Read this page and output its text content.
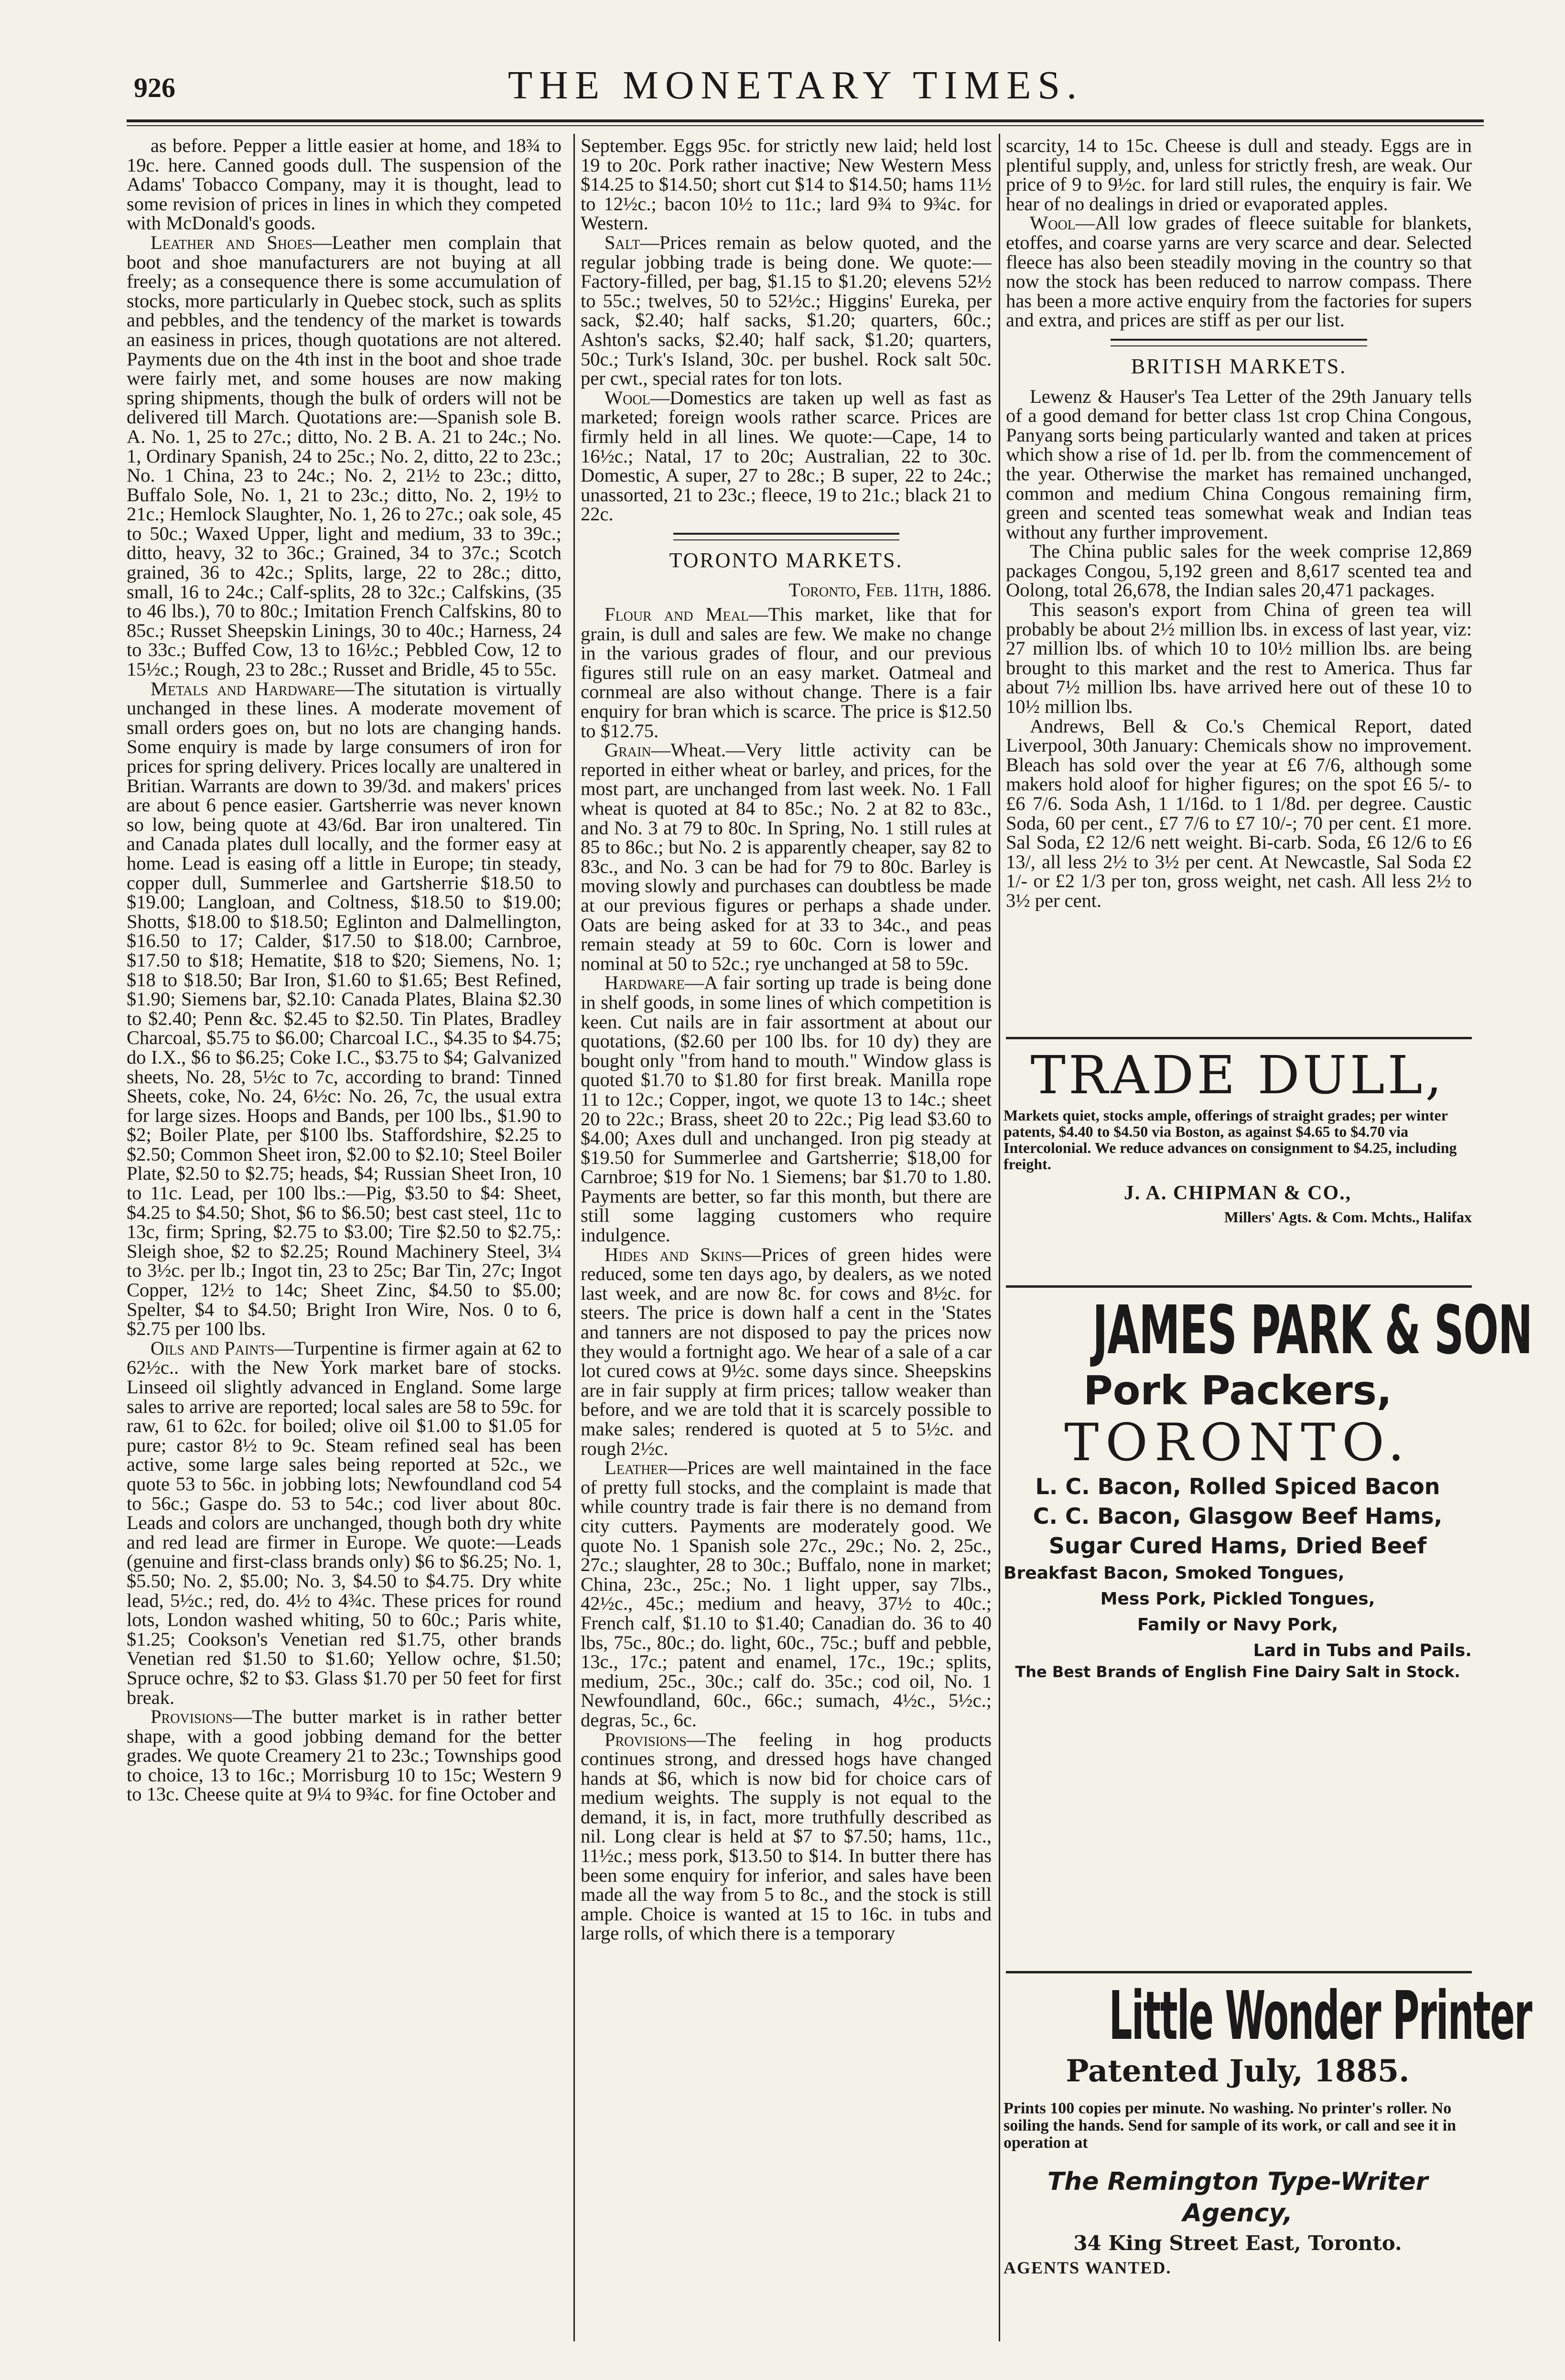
926	THE MONETARY TIMES.

as before. Pepper a little easier at home, and 18¾ to 19c. here. Canned goods dull. The suspension of the Adams' Tobacco Company, may it is thought, lead to some revision of prices in lines in which they competed with McDonald's goods.

Leather and Shoes—Leather men complain that boot and shoe manufacturers are not buying at all freely; as a consequence there is some accumulation of stocks, more particularly in Quebec stock, such as splits and pebbles, and the tendency of the market is towards an easiness in prices, though quotations are not altered. Payments due on the 4th inst in the boot and shoe trade were fairly met, and some houses are now making spring shipments, though the bulk of orders will not be delivered till March. Quotations are:—Spanish sole B. A. No. 1, 25 to 27c.; ditto, No. 2 B. A. 21 to 24c.; No. 1, Ordinary Spanish, 24 to 25c.; No. 2, ditto, 22 to 23c.; No. 1 China, 23 to 24c.; No. 2, 21½ to 23c.; ditto, Buffalo Sole, No. 1, 21 to 23c.; ditto, No. 2, 19½ to 21c.; Hemlock Slaughter, No. 1, 26 to 27c.; oak sole, 45 to 50c.; Waxed Upper, light and medium, 33 to 39c.; ditto, heavy, 32 to 36c.; Grained, 34 to 37c.; Scotch grained, 36 to 42c.; Splits, large, 22 to 28c.; ditto, small, 16 to 24c.; Calf-splits, 28 to 32c.; Calfskins, (35 to 46 lbs.), 70 to 80c.; Imitation French Calfskins, 80 to 85c.; Russet Sheepskin Linings, 30 to 40c.; Harness, 24 to 33c.; Buffed Cow, 13 to 16½c.; Pebbled Cow, 12 to 15½c.; Rough, 23 to 28c.; Russet and Bridle, 45 to 55c.

Metals and Hardware—The situtation is virtually unchanged in these lines. A moderate movement of small orders goes on, but no lots are changing hands. Some enquiry is made by large consumers of iron for prices for spring delivery. Prices locally are unaltered in Britian. Warrants are down to 39/3d. and makers' prices are about 6 pence easier. Gartsherrie was never known so low, being quote at 43/6d. Bar iron unaltered. Tin and Canada plates dull locally, and the former easy at home. Lead is easing off a little in Europe; tin steady, copper dull, Summerlee and Gartsherrie $18.50 to $19.00; Langloan, and Coltness, $18.50 to $19.00; Shotts, $18.00 to $18.50; Eglinton and Dalmellington, $16.50 to 17; Calder, $17.50 to $18.00; Carnbroe, $17.50 to $18; Hematite, $18 to $20; Siemens, No. 1; $18 to $18.50; Bar Iron, $1.60 to $1.65; Best Refined, $1.90; Siemens bar, $2.10: Canada Plates, Blaina $2.30 to $2.40; Penn &c. $2.45 to $2.50. Tin Plates, Bradley Charcoal, $5.75 to $6.00; Charcoal I.C., $4.35 to $4.75; do I.X., $6 to $6.25; Coke I.C., $3.75 to $4; Galvanized sheets, No. 28, 5½c to 7c, according to brand: Tinned Sheets, coke, No. 24, 6½c: No. 26, 7c, the usual extra for large sizes. Hoops and Bands, per 100 lbs., $1.90 to $2; Boiler Plate, per $100 lbs. Staffordshire, $2.25 to $2.50; Common Sheet iron, $2.00 to $2.10; Steel Boiler Plate, $2.50 to $2.75; heads, $4; Russian Sheet Iron, 10 to 11c. Lead, per 100 lbs.:—Pig, $3.50 to $4: Sheet, $4.25 to $4.50; Shot, $6 to $6.50; best cast steel, 11c to 13c, firm; Spring, $2.75 to $3.00; Tire $2.50 to $2.75,: Sleigh shoe, $2 to $2.25; Round Machinery Steel, 3¼ to 3½c. per lb.; Ingot tin, 23 to 25c; Bar Tin, 27c; Ingot Copper, 12½ to 14c; Sheet Zinc, $4.50 to $5.00; Spelter, $4 to $4.50; Bright Iron Wire, Nos. 0 to 6, $2.75 per 100 lbs.

Oils and Paints—Turpentine is firmer again at 62 to 62½c.. with the New York market bare of stocks. Linseed oil slightly advanced in England. Some large sales to arrive are reported; local sales are 58 to 59c. for raw, 61 to 62c. for boiled; olive oil $1.00 to $1.05 for pure; castor 8½ to 9c. Steam refined seal has been active, some large sales being reported at 52c., we quote 53 to 56c. in jobbing lots; Newfoundland cod 54 to 56c.; Gaspe do. 53 to 54c.; cod liver about 80c. Leads and colors are unchanged, though both dry white and red lead are firmer in Europe. We quote:—Leads (genuine and first-class brands only) $6 to $6.25; No. 1, $5.50; No. 2, $5.00; No. 3, $4.50 to $4.75. Dry white lead, 5½c.; red, do. 4½ to 4¾c. These prices for round lots, London washed whiting, 50 to 60c.; Paris white, $1.25; Cookson's Venetian red $1.75, other brands Venetian red $1.50 to $1.60; Yellow ochre, $1.50; Spruce ochre, $2 to $3. Glass $1.70 per 50 feet for first break.

Provisions—The butter market is in rather better shape, with a good jobbing demand for the better grades. We quote Creamery 21 to 23c.; Townships good to choice, 13 to 16c.; Morrisburg 10 to 15c; Western 9 to 13c. Cheese quite at 9¼ to 9¾c. for fine October and

September. Eggs 95c. for strictly new laid; held lost 19 to 20c. Pork rather inactive; New Western Mess $14.25 to $14.50; short cut $14 to $14.50; hams 11½ to 12½c.; bacon 10½ to 11c.; lard 9¾ to 9¾c. for Western.

Salt—Prices remain as below quoted, and the regular jobbing trade is being done. We quote:—Factory-filled, per bag, $1.15 to $1.20; elevens 52½ to 55c.; twelves, 50 to 52½c.; Higgins' Eureka, per sack, $2.40; half sacks, $1.20; quarters, 60c.; Ashton's sacks, $2.40; half sack, $1.20; quarters, 50c.; Turk's Island, 30c. per bushel. Rock salt 50c. per cwt., special rates for ton lots.

Wool—Domestics are taken up well as fast as marketed; foreign wools rather scarce. Prices are firmly held in all lines. We quote:—Cape, 14 to 16½c.; Natal, 17 to 20c; Australian, 22 to 30c. Domestic, A super, 27 to 28c.; B super, 22 to 24c.; unassorted, 21 to 23c.; fleece, 19 to 21c.; black 21 to 22c.

TORONTO MARKETS.
Toronto, Feb. 11th, 1886.

Flour and Meal—This market, like that for grain, is dull and sales are few. We make no change in the various grades of flour, and our previous figures still rule on an easy market. Oatmeal and cornmeal are also without change. There is a fair enquiry for bran which is scarce. The price is $12.50 to $12.75.

Grain—Wheat.—Very little activity can be reported in either wheat or barley, and prices, for the most part, are unchanged from last week. No. 1 Fall wheat is quoted at 84 to 85c.; No. 2 at 82 to 83c., and No. 3 at 79 to 80c. In Spring, No. 1 still rules at 85 to 86c.; but No. 2 is apparently cheaper, say 82 to 83c., and No. 3 can be had for 79 to 80c. Barley is moving slowly and purchases can doubtless be made at our previous figures or perhaps a shade under. Oats are being asked for at 33 to 34c., and peas remain steady at 59 to 60c. Corn is lower and nominal at 50 to 52c.; rye unchanged at 58 to 59c.

Hardware—A fair sorting up trade is being done in shelf goods, in some lines of which competition is keen. Cut nails are in fair assortment at about our quotations, ($2.60 per 100 lbs. for 10 dy) they are bought only "from hand to mouth." Window glass is quoted $1.70 to $1.80 for first break. Manilla rope 11 to 12c.; Copper, ingot, we quote 13 to 14c.; sheet 20 to 22c.; Brass, sheet 20 to 22c.; Pig lead $3.60 to $4.00; Axes dull and unchanged. Iron pig steady at $19.50 for Summerlee and Gartsherrie; $18,00 for Carnbroe; $19 for No. 1 Siemens; bar $1.70 to 1.80. Payments are better, so far this month, but there are still some lagging customers who require indulgence.

Hides and Skins—Prices of green hides were reduced, some ten days ago, by dealers, as we noted last week, and are now 8c. for cows and 8½c. for steers. The price is down half a cent in the 'States and tanners are not disposed to pay the prices now they would a fortnight ago. We hear of a sale of a car lot cured cows at 9½c. some days since. Sheepskins are in fair supply at firm prices; tallow weaker than before, and we are told that it is scarcely possible to make sales; rendered is quoted at 5 to 5½c. and rough 2½c.

Leather—Prices are well maintained in the face of pretty full stocks, and the complaint is made that while country trade is fair there is no demand from city cutters. Payments are moderately good. We quote No. 1 Spanish sole 27c., 29c.; No. 2, 25c., 27c.; slaughter, 28 to 30c.; Buffalo, none in market; China, 23c., 25c.; No. 1 light upper, say 7lbs., 42½c., 45c.; medium and heavy, 37½ to 40c.; French calf, $1.10 to $1.40; Canadian do. 36 to 40 lbs, 75c., 80c.; do. light, 60c., 75c.; buff and pebble, 13c., 17c.; patent and enamel, 17c., 19c.; splits, medium, 25c., 30c.; calf do. 35c.; cod oil, No. 1 Newfoundland, 60c., 66c.; sumach, 4½c., 5½c.; degras, 5c., 6c.

Provisions—The feeling in hog products continues strong, and dressed hogs have changed hands at $6, which is now bid for choice cars of medium weights. The supply is not equal to the demand, it is, in fact, more truthfully described as nil. Long clear is held at $7 to $7.50; hams, 11c., 11½c.; mess pork, $13.50 to $14. In butter there has been some enquiry for inferior, and sales have been made all the way from 5 to 8c., and the stock is still ample. Choice is wanted at 15 to 16c. in tubs and large rolls, of which there is a temporary

scarcity, 14 to 15c. Cheese is dull and steady. Eggs are in plentiful supply, and, unless for strictly fresh, are weak. Our price of 9 to 9½c. for lard still rules, the enquiry is fair. We hear of no dealings in dried or evaporated apples.

Wool—All low grades of fleece suitable for blankets, etoffes, and coarse yarns are very scarce and dear. Selected fleece has also been steadily moving in the country so that now the stock has been reduced to narrow compass. There has been a more active enquiry from the factories for supers and extra, and prices are stiff as per our list.

BRITISH MARKETS.

Lewenz & Hauser's Tea Letter of the 29th January tells of a good demand for better class 1st crop China Congous, Panyang sorts being particularly wanted and taken at prices which show a rise of 1d. per lb. from the commencement of the year. Otherwise the market has remained unchanged, common and medium China Congous remaining firm, green and scented teas somewhat weak and Indian teas without any further improvement.

The China public sales for the week comprise 12,869 packages Congou, 5,192 green and 8,617 scented tea and Oolong, total 26,678, the Indian sales 20,471 packages.

This season's export from China of green tea will probably be about 2½ million lbs. in excess of last year, viz: 27 million lbs. of which 10 to 10½ million lbs. are being brought to this market and the rest to America. Thus far about 7½ million lbs. have arrived here out of these 10 to 10½ million lbs.

Andrews, Bell & Co.'s Chemical Report, dated Liverpool, 30th January: Chemicals show no improvement. Bleach has sold over the year at £6 7/6, although some makers hold aloof for higher figures; on the spot £6 5/- to £6 7/6. Soda Ash, 1 1/16d. to 1 1/8d. per degree. Caustic Soda, 60 per cent., £7 7/6 to £7 10/-; 70 per cent. £1 more. Sal Soda, £2 12/6 nett weight. Bi-carb. Soda, £6 12/6 to £6 13/, all less 2½ to 3½ per cent. At Newcastle, Sal Soda £2 1/- or £2 1/3 per ton, gross weight, net cash. All less 2½ to 3½ per cent.

TRADE DULL,
Markets quiet, stocks ample, offerings of straight grades; per winter patents, $4.40 to $4.50 via Boston, as against $4.65 to $4.70 via Intercolonial. We reduce advances on consignment to $4.25, including freight.
J. A. CHIPMAN & CO.,
Millers' Agts. & Com. Mchts., Halifax
JAMES PARK & SON
Pork Packers,
TORONTO.
L. C. Bacon, Rolled Spiced Bacon
C. C. Bacon, Glasgow Beef Hams,
Sugar Cured Hams, Dried Beef
Breakfast Bacon, Smoked Tongues,
Mess Pork, Pickled Tongues,
Family or Navy Pork,
Lard in Tubs and Pails.
The Best Brands of English Fine Dairy Salt in Stock.
Little Wonder Printer
Patented July, 1885.
Prints 100 copies per minute. No washing. No printer's roller. No soiling the hands. Send for sample of its work, or call and see it in operation at
The Remington Type-Writer Agency,
34 King Street East, Toronto.
AGENTS WANTED.
